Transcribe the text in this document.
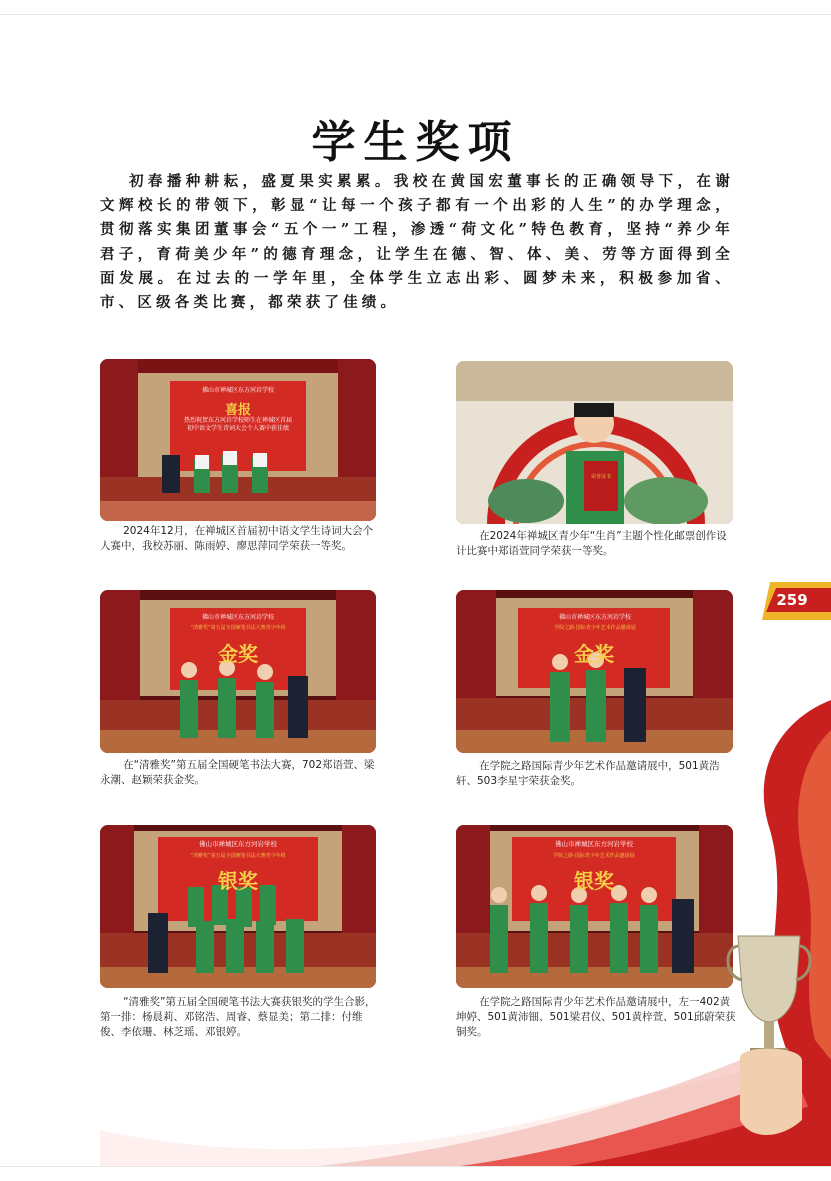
学生奖项

初春播种耕耘，盛夏果实累累。我校在黄国宏董事长的正确领导下，在谢文辉校长的带领下，彰显“让每一个孩子都有一个出彩的人生”的办学理念，贯彻落实集团董事会“五个一”工程，渗透“荷文化”特色教育，坚持“养少年君子，育荷美少年”的德育理念，让学生在德、智、体、美、劳等方面得到全面发展。在过去的一学年里，全体学生立志出彩、圆梦未来，积极参加省、市、区级各类比赛，都荣获了佳绩。

佛山市禅城区东方河岩学校
喜报
热烈祝贺东方河岩学校师生在禅城区首届初中语文学生诗词大会个人赛中获佳绩

2024年12月，在禅城区首届初中语文学生诗词大会个人赛中，我校苏丽、陈雨婷、廖思萍同学荣获一等奖。

荣誉证书

在2024年禅城区青少年“生肖”主题个性化邮票创作设计比赛中郑语萱同学荣获一等奖。

佛山市禅城区东方河岩学校
“清雅奖”第五届全国硬笔书法大赛青少年组
金奖

在“清雅奖”第五届全国硬笔书法大赛，702郑语萱、梁永潮、赵颖荣获金奖。

佛山市禅城区东方河岩学校
学院之路·国际青少年艺术作品邀请展
金奖

在学院之路国际青少年艺术作品邀请展中，501黄浩轩、503李星宇荣获金奖。

佛山市禅城区东方河岩学校
“清雅奖”第五届全国硬笔书法大赛青少年组
银奖

“清雅奖”第五届全国硬笔书法大赛获银奖的学生合影，第一排：杨晨莉、邓铭浩、周睿、蔡显美；第二排：付维俊、李依珊、林芝瑶、邓银婷。

佛山市禅城区东方河岩学校
学院之路·国际青少年艺术作品邀请展
银奖
259

在学院之路国际青少年艺术作品邀请展中，左一402黄坤婷、501黄沛钿、501梁君仪、501黄梓萱、501邱蔚荣获铜奖。
